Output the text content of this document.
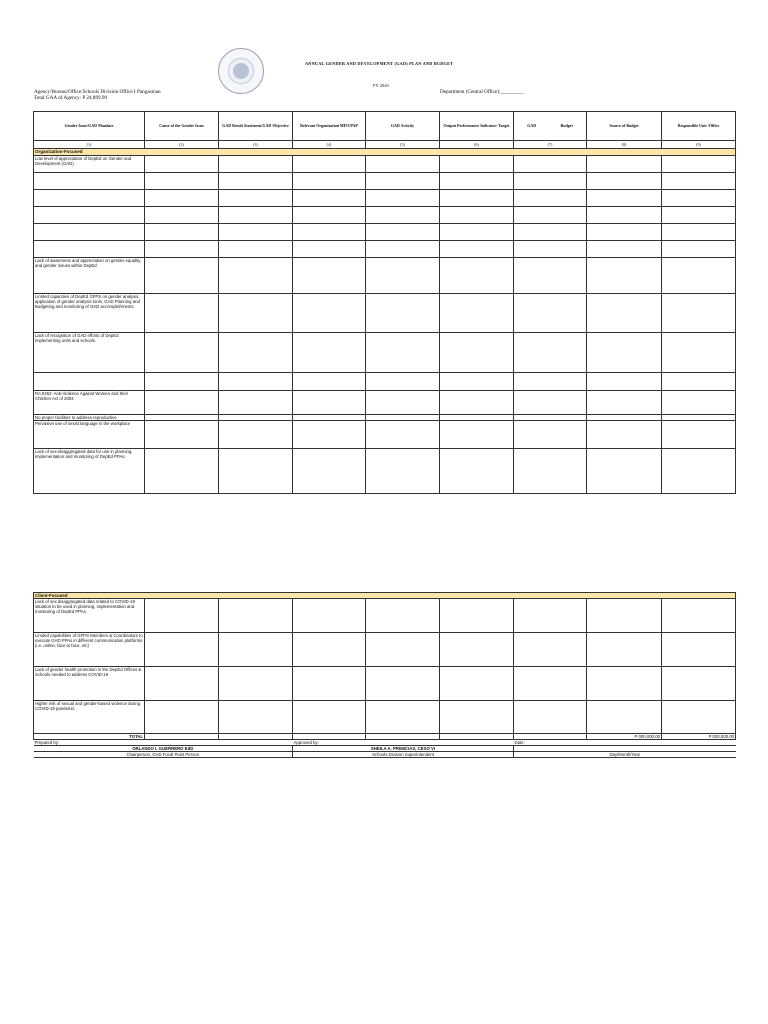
ANNUAL GENDER AND DEVELOPMENT (GAD) PLAN AND BUDGET
FY 2020
Agency/Bureau/Office:Schools Division Office I Pangasinan
Total GAA of Agency: P 24,889.90
Department (Central Office):_________
Gender Issue/GAD Mandate	Cause of the Gender Issue	GAD Result Statement/GAD Objective	Relevant Organization MFO/PAP	GAD Activity	Output Performance Indicator/ Target	GAD Budget	Source of Budget	Responsible Unit /Office
(1)	(2)	(3)	(4)	(5)	(6)	(7)	(8)	(9)
Organization-Focused								
Low level of appreciation of DepEd on Gender and Development (GAD)								

Lack of awareness and appreciation on gender equality and gender issues within DepEd								
Limited capacities of DepEd GFPS on gender analysis, application of gender analysis tools, GAD Planning and Budgeting and monitoring of GAD accomplishments								
Lack of recognition of GAD efforts of DepEd implementing units and schools.								

RA 9262: Anti-Violence Against Women and their Children Act of 2004								
No proper facilities to address reproductive								
Pervasive use of sexist language in the workplace								
Lack of sex-disaggregated data for use in planning, implementation and monitoring of DepEd PPAs.								
Client-Focused								
Lack of sex disaggregated data related to COVID-19 situation to be used in planning, implementation and monitoring of DepEd PPAs.								
Limited capabilities of GFPS Members & Coordinators to execute GAD PPAs in different communication platforms (i.e. online, face to face, etc)								
Lack of gender health promotion in the DepEd Offices & Schools needed to address COVID-19								
Higher risk of sexual and gender-based violence during COVID-19 pandemic								
TOTAL							P 000,000.00	P 000,000.00
Prepared by:			Approved by:			Date:		
ORLANDO I. GUERRERO EdD			SHEILA A. PRIMICIAS, CESO VI					
Chairperson, GAD Focal Point Person			Schools Division Superintendent			Day/Month/Year		
